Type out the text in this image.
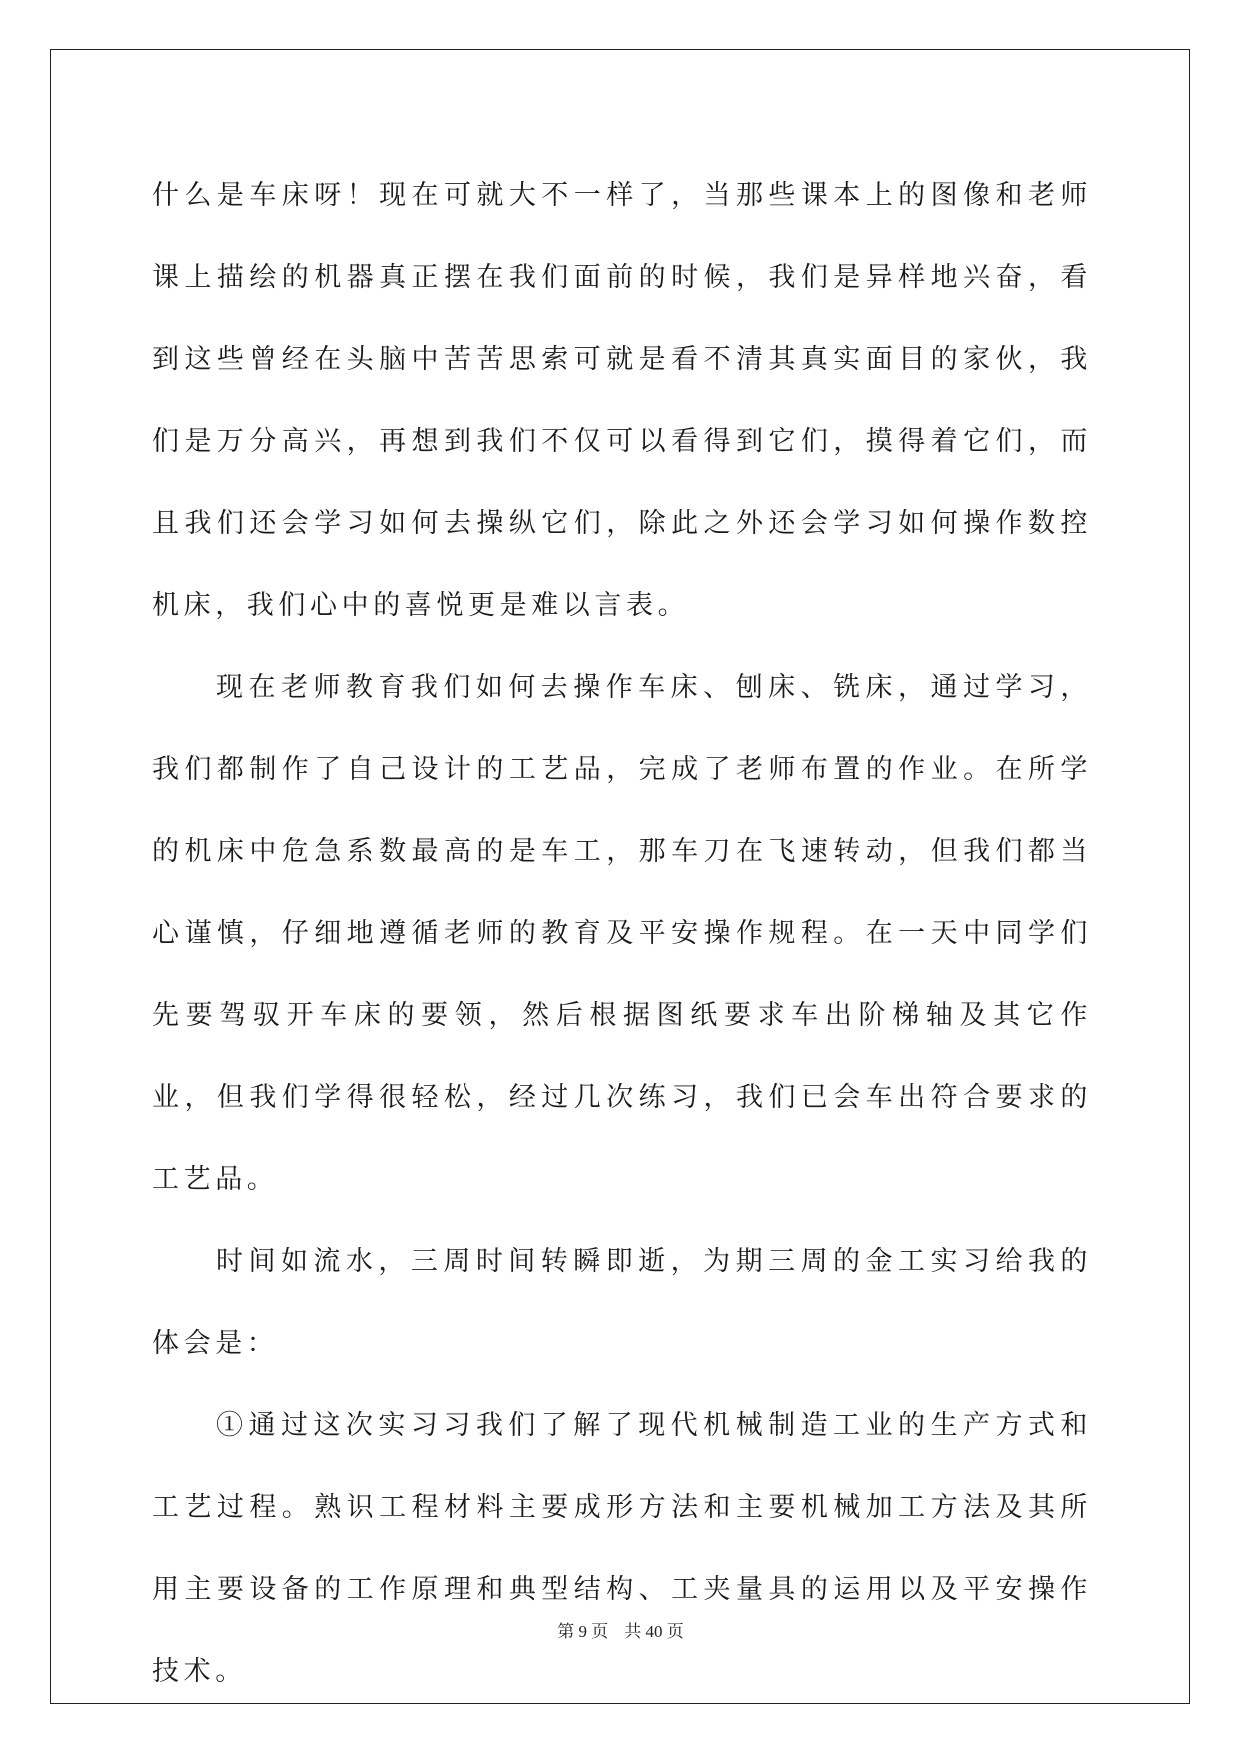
什么是车床呀！现在可就大不一样了，当那些课本上的图像和老师课上描绘的机器真正摆在我们面前的时候，我们是异样地兴奋，看到这些曾经在头脑中苦苦思索可就是看不清其真实面目的家伙，我们是万分高兴，再想到我们不仅可以看得到它们，摸得着它们，而且我们还会学习如何去操纵它们，除此之外还会学习如何操作数控机床，我们心中的喜悦更是难以言表。

现在老师教育我们如何去操作车床、刨床、铣床，通过学习，我们都制作了自己设计的工艺品，完成了老师布置的作业。在所学的机床中危急系数最高的是车工，那车刀在飞速转动，但我们都当心谨慎，仔细地遵循老师的教育及平安操作规程。在一天中同学们先要驾驭开车床的要领，然后根据图纸要求车出阶梯轴及其它作业，但我们学得很轻松，经过几次练习，我们已会车出符合要求的工艺品。

时间如流水，三周时间转瞬即逝，为期三周的金工实习给我的体会是：

①通过这次实习习我们了解了现代机械制造工业的生产方式和工艺过程。熟识工程材料主要成形方法和主要机械加工方法及其所用主要设备的工作原理和典型结构、工夹量具的运用以及平安操作技术。

第 9 页 共 40 页
